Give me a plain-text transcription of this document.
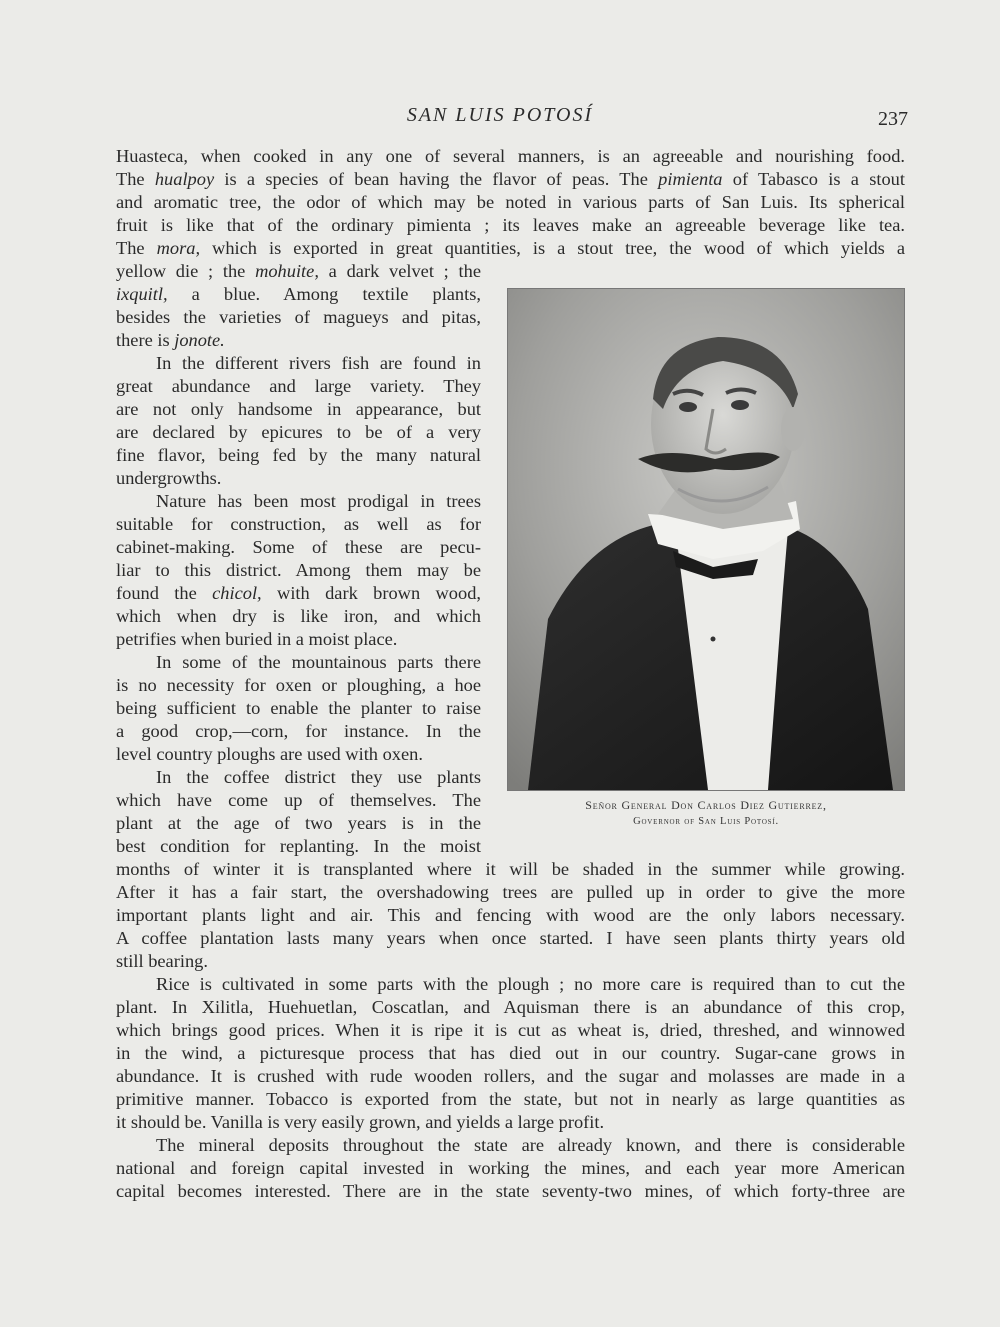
SAN LUIS POTOSÍ	237
Huasteca, when cooked in any one of several manners, is an agreeable and nourishing food.
The hualpoy is a species of bean having the flavor of peas. The pimienta of Tabasco is a stout
and aromatic tree, the odor of which may be noted in various parts of San Luis. Its spherical
fruit is like that of the ordinary pimienta ; its leaves make an agreeable beverage like tea.
The mora, which is exported in great quantities, is a stout tree, the wood of which yields a
yellow die ; the mohuite, a dark velvet ; the
ixquitl, a blue. Among textile plants,
besides the varieties of magueys and pitas,
there is jonote.
In the different rivers fish are found in
great abundance and large variety. They
are not only handsome in appearance, but
are declared by epicures to be of a very
fine flavor, being fed by the many natural
undergrowths.
Nature has been most prodigal in trees
suitable for construction, as well as for
cabinet-making. Some of these are pecu-
liar to this district. Among them may be
found the chicol, with dark brown wood,
which when dry is like iron, and which
petrifies when buried in a moist place.
In some of the mountainous parts there
is no necessity for oxen or ploughing, a hoe
being sufficient to enable the planter to raise
a good crop,—corn, for instance. In the
level country ploughs are used with oxen.
In the coffee district they use plants
which have come up of themselves. The
plant at the age of two years is in the
best condition for replanting. In the moist
months of winter it is transplanted where it will be shaded in the summer while growing.
After it has a fair start, the overshadowing trees are pulled up in order to give the more
important plants light and air. This and fencing with wood are the only labors necessary.
A coffee plantation lasts many years when once started. I have seen plants thirty years old
still bearing.
Rice is cultivated in some parts with the plough ; no more care is required than to cut the
plant. In Xilitla, Huehuetlan, Coscatlan, and Aquisman there is an abundance of this crop,
which brings good prices. When it is ripe it is cut as wheat is, dried, threshed, and winnowed
in the wind, a picturesque process that has died out in our country. Sugar-cane grows in
abundance. It is crushed with rude wooden rollers, and the sugar and molasses are made in a
primitive manner. Tobacco is exported from the state, but not in nearly as large quantities as
it should be. Vanilla is very easily grown, and yields a large profit.
The mineral deposits throughout the state are already known, and there is considerable
national and foreign capital invested in working the mines, and each year more American
capital becomes interested. There are in the state seventy-two mines, of which forty-three are
Señor General Don Carlos Diez Gutierrez,
Governor of San Luis Potosí.
